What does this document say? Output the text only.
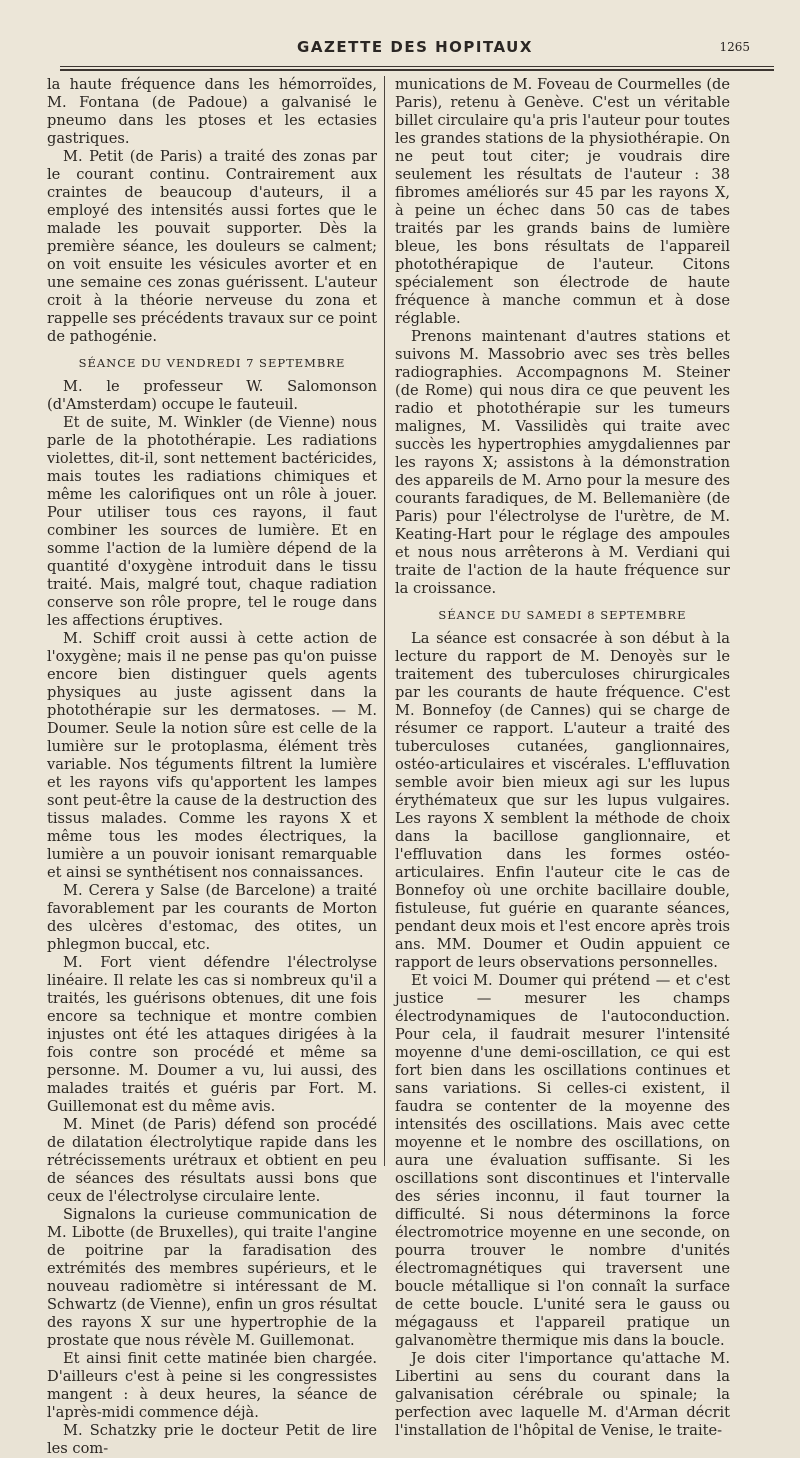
GAZETTE DES HOPITAUX	1265

la haute fréquence dans les hémorroïdes, M. Fontana (de Padoue) a galvanisé le pneumo dans les ptoses et les ectasies gastriques.

M. Petit (de Paris) a traité des zonas par le courant continu. Contrairement aux craintes de beaucoup d'auteurs, il a employé des intensités aussi fortes que le malade les pouvait supporter. Dès la première séance, les douleurs se calment; on voit ensuite les vésicules avorter et en une semaine ces zonas guérissent. L'auteur croit à la théorie nerveuse du zona et rappelle ses précédents travaux sur ce point de pathogénie.

SÉANCE DU VENDREDI 7 SEPTEMBRE

M. le professeur W. Salomonson (d'Amsterdam) occupe le fauteuil.

Et de suite, M. Winkler (de Vienne) nous parle de la photothérapie. Les radiations violettes, dit-il, sont nettement bactéricides, mais toutes les radiations chimiques et même les calorifiques ont un rôle à jouer. Pour utiliser tous ces rayons, il faut combiner les sources de lumière. Et en somme l'action de la lumière dépend de la quantité d'oxygène introduit dans le tissu traité. Mais, malgré tout, chaque radiation conserve son rôle propre, tel le rouge dans les affections éruptives.

M. Schiff croit aussi à cette action de l'oxygène; mais il ne pense pas qu'on puisse encore bien distinguer quels agents physiques au juste agissent dans la photothérapie sur les dermatoses. — M. Doumer. Seule la notion sûre est celle de la lumière sur le protoplasma, élément très variable. Nos téguments filtrent la lumière et les rayons vifs qu'apportent les lampes sont peut-être la cause de la destruction des tissus malades. Comme les rayons X et même tous les modes électriques, la lumière a un pouvoir ionisant remarquable et ainsi se synthétisent nos connaissances.

M. Cerera y Salse (de Barcelone) a traité favorablement par les courants de Morton des ulcères d'estomac, des otites, un phlegmon buccal, etc.

M. Fort vient défendre l'électrolyse linéaire. Il relate les cas si nombreux qu'il a traités, les guérisons obtenues, dit une fois encore sa technique et montre combien injustes ont été les attaques dirigées à la fois contre son procédé et même sa personne. M. Doumer a vu, lui aussi, des malades traités et guéris par Fort. M. Guillemonat est du même avis.

M. Minet (de Paris) défend son procédé de dilatation électrolytique rapide dans les rétrécissements urétraux et obtient en peu de séances des résultats aussi bons que ceux de l'électrolyse circulaire lente.

Signalons la curieuse communication de M. Libotte (de Bruxelles), qui traite l'angine de poitrine par la faradisation des extrémités des membres supérieurs, et le nouveau radiomètre si intéressant de M. Schwartz (de Vienne), enfin un gros résultat des rayons X sur une hypertrophie de la prostate que nous révèle M. Guillemonat.

Et ainsi finit cette matinée bien chargée. D'ailleurs c'est à peine si les congressistes mangent : à deux heures, la séance de l'après-midi commence déjà.

M. Schatzky prie le docteur Petit de lire les com-

munications de M. Foveau de Courmelles (de Paris), retenu à Genève. C'est un véritable billet circulaire qu'a pris l'auteur pour toutes les grandes stations de la physiothérapie. On ne peut tout citer; je voudrais dire seulement les résultats de l'auteur : 38 fibromes améliorés sur 45 par les rayons X, à peine un échec dans 50 cas de tabes traités par les grands bains de lumière bleue, les bons résultats de l'appareil photothérapique de l'auteur. Citons spécialement son électrode de haute fréquence à manche commun et à dose réglable.

Prenons maintenant d'autres stations et suivons M. Massobrio avec ses très belles radiographies. Accompagnons M. Steiner (de Rome) qui nous dira ce que peuvent les radio et photothérapie sur les tumeurs malignes, M. Vassilidès qui traite avec succès les hypertrophies amygdaliennes par les rayons X; assistons à la démonstration des appareils de M. Arno pour la mesure des courants faradiques, de M. Bellemanière (de Paris) pour l'électrolyse de l'urètre, de M. Keating-Hart pour le réglage des ampoules et nous nous arrêterons à M. Verdiani qui traite de l'action de la haute fréquence sur la croissance.

SÉANCE DU SAMEDI 8 SEPTEMBRE

La séance est consacrée à son début à la lecture du rapport de M. Denoyès sur le traitement des tuberculoses chirurgicales par les courants de haute fréquence. C'est M. Bonnefoy (de Cannes) qui se charge de résumer ce rapport. L'auteur a traité des tuberculoses cutanées, ganglionnaires, ostéo-articulaires et viscérales. L'effluvation semble avoir bien mieux agi sur les lupus érythémateux que sur les lupus vulgaires. Les rayons X semblent la méthode de choix dans la bacillose ganglionnaire, et l'effluvation dans les formes ostéo-articulaires. Enfin l'auteur cite le cas de Bonnefoy où une orchite bacillaire double, fistuleuse, fut guérie en quarante séances, pendant deux mois et l'est encore après trois ans. MM. Doumer et Oudin appuient ce rapport de leurs observations personnelles.

Et voici M. Doumer qui prétend — et c'est justice — mesurer les champs électrodynamiques de l'autoconduction. Pour cela, il faudrait mesurer l'intensité moyenne d'une demi-oscillation, ce qui est fort bien dans les oscillations continues et sans variations. Si celles-ci existent, il faudra se contenter de la moyenne des intensités des oscillations. Mais avec cette moyenne et le nombre des oscillations, on aura une évaluation suffisante. Si les oscillations sont discontinues et l'intervalle des séries inconnu, il faut tourner la difficulté. Si nous déterminons la force électromotrice moyenne en une seconde, on pourra trouver le nombre d'unités électromagnétiques qui traversent une boucle métallique si l'on connaît la surface de cette boucle. L'unité sera le gauss ou mégagauss et l'appareil pratique un galvanomètre thermique mis dans la boucle.

Je dois citer l'importance qu'attache M. Libertini au sens du courant dans la galvanisation cérébrale ou spinale; la perfection avec laquelle M. d'Arman décrit l'installation de l'hôpital de Venise, le traite-
